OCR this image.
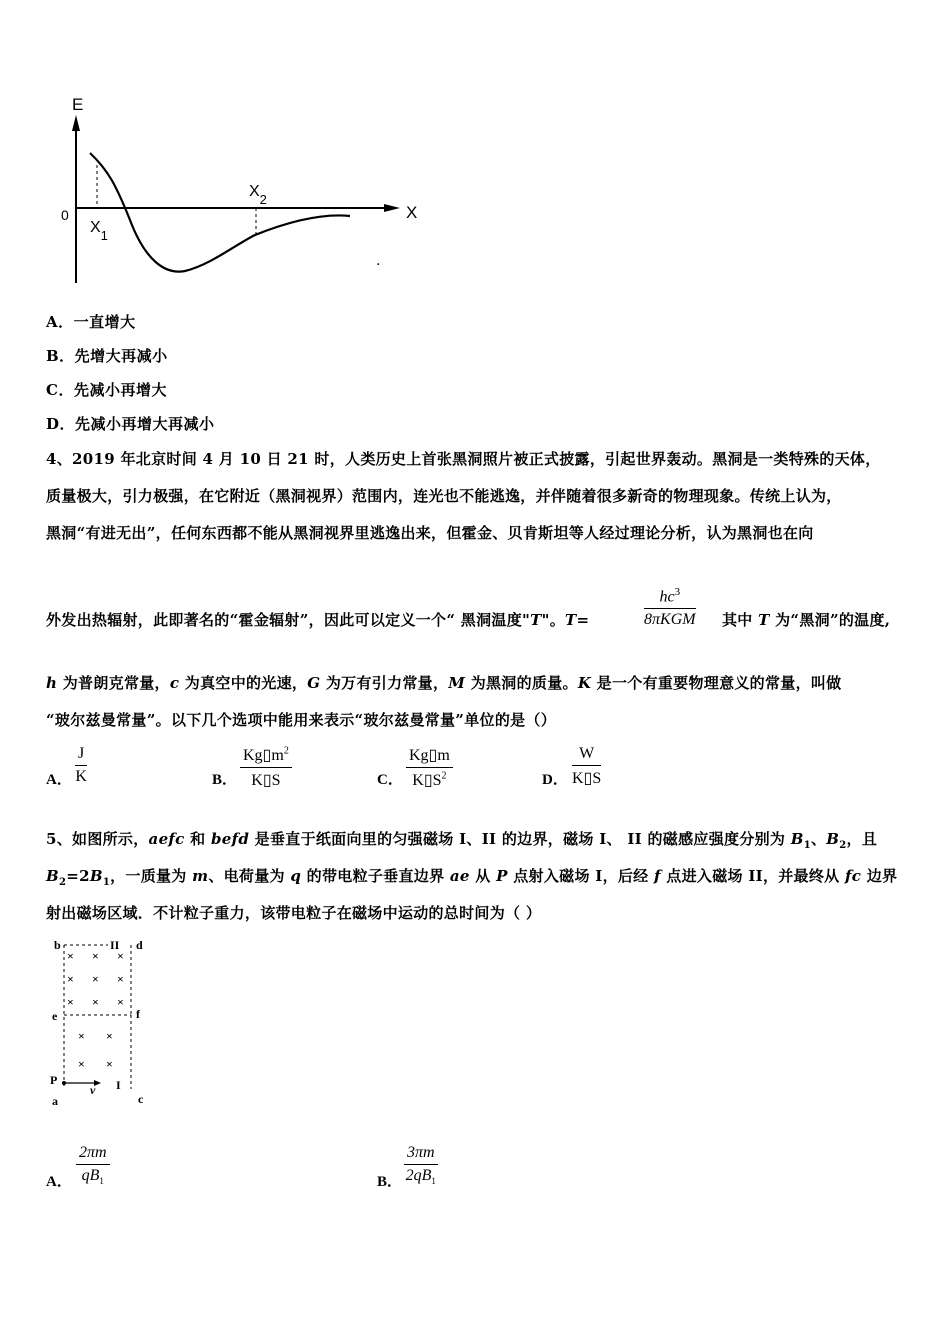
E
0	X
$X_1$
$X_2$
.
A．一直增大
B．先增大再减小
C．先减小再增大
D．先减小再增大再减小
4、2019 年北京时间 4 月 10 日 21 时，人类历史上首张黑洞照片被正式披露，引起世界轰动。黑洞是一类特殊的天体，
质量极大，引力极强，在它附近（黑洞视界）范围内，连光也不能逃逸，并伴随着很多新奇的物理现象。传统上认为，
黑洞“有进无出”，任何东西都不能从黑洞视界里逃逸出来，但霍金、贝肯斯坦等人经过理论分析，认为黑洞也在向
外发出热辐射，此即著名的“霍金辐射”，因此可以定义一个“ 黑洞温度"T"。T=
$hc^3$
8πKGM 其中 T 为“黑洞”的温度,
h 为普朗克常量，c 为真空中的光速，G 为万有引力常量，M 为黑洞的质量。K 是一个有重要物理意义的常量，叫做
“玻尔兹曼常量”。以下几个选项中能用来表示“玻尔兹曼常量”单位的是（）
A． $\frac{J}{K}$	B． $\frac{Kg▯m^2}{K▯S}$	C． $\frac{Kg▯m}{K▯S^2}$	D． $\frac{W}{K▯S}$
5、如图所示，aefc 和 befd 是垂直于纸面向里的匀强磁场 I、II 的边界，磁场 I、 II 的磁感应强度分别为 $B_1$、$B_2$，且
$B_2=2B_1$，一质量为 m、电荷量为 q 的带电粒子垂直边界 ae 从 P 点射入磁场 I，后经 f 点进入磁场 II，并最终从 fc 边界
射出磁场区域．不计粒子重力，该带电粒子在磁场中运动的总时间为（ ）
b	II d
e	f
P
v I
a	c
× × ×
× × ×
× × ×
× ×
× ×
A． $\frac{2\pi m}{qB_1}$	B． $\frac{3\pi m}{2qB_1}$
